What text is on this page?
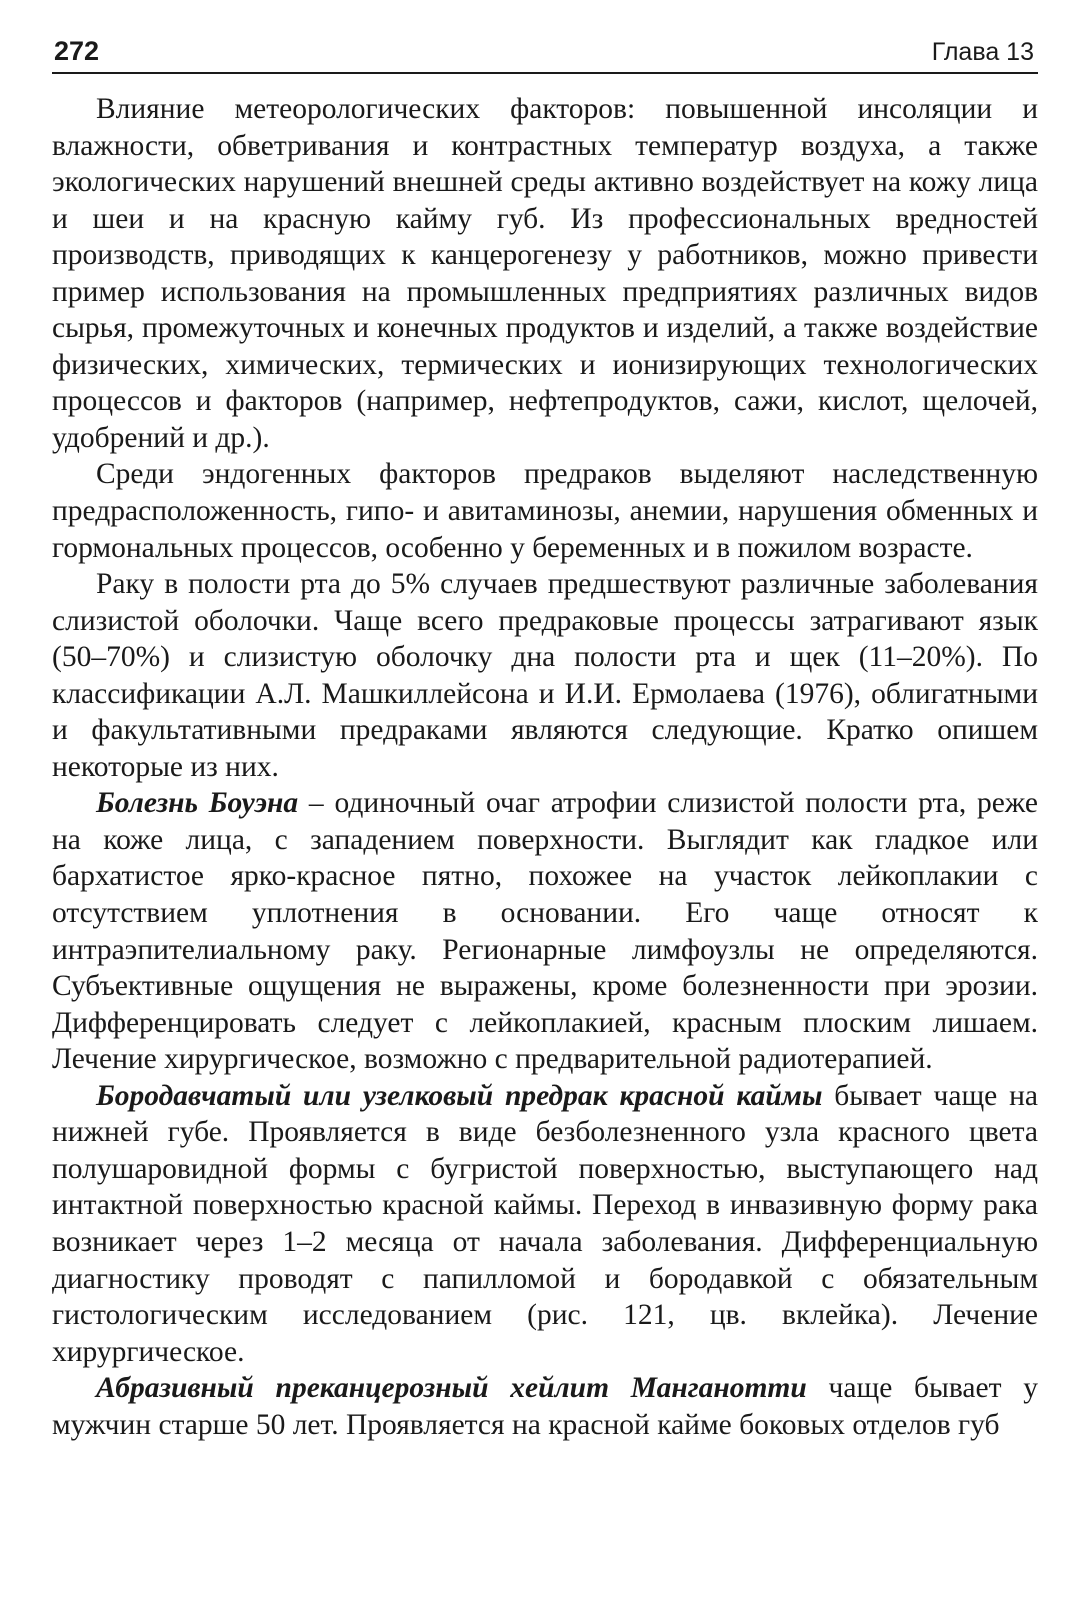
272	Глава 13

Влияние метеорологических факторов: повышенной инсоляции и влажности, обветривания и контрастных температур воздуха, а также экологических нарушений внешней среды активно воздействует на кожу лица и шеи и на красную кайму губ. Из профессиональных вредностей производств, приводящих к канцерогенезу у работников, можно привести пример использования на промышленных предприятиях различных видов сырья, промежуточных и конечных продуктов и изделий, а также воздействие физических, химических, термических и ионизирующих технологических процессов и факторов (например, нефтепродуктов, сажи, кислот, щелочей, удобрений и др.).

Среди эндогенных факторов предраков выделяют наследственную предрасположенность, гипо- и авитаминозы, анемии, нарушения обменных и гормональных процессов, особенно у беременных и в пожилом возрасте.

Раку в полости рта до 5% случаев предшествуют различные заболевания слизистой оболочки. Чаще всего предраковые процессы затрагивают язык (50–70%) и слизистую оболочку дна полости рта и щек (11–20%). По классификации А.Л. Машкиллейсона и И.И. Ермолаева (1976), облигатными и факультативными предраками являются следующие. Кратко опишем некоторые из них.

Болезнь Боуэна – одиночный очаг атрофии слизистой полости рта, реже на коже лица, с западением поверхности. Выглядит как гладкое или бархатистое ярко-красное пятно, похожее на участок лейкоплакии с отсутствием уплотнения в основании. Его чаще относят к интраэпителиальному раку. Регионарные лимфоузлы не определяются. Субъективные ощущения не выражены, кроме болезненности при эрозии. Дифференцировать следует с лейкоплакией, красным плоским лишаем. Лечение хирургическое, возможно с предварительной радиотерапией.

Бородавчатый или узелковый предрак красной каймы бывает чаще на нижней губе. Проявляется в виде безболезненного узла красного цвета полушаровидной формы с бугристой поверхностью, выступающего над интактной поверхностью красной каймы. Переход в инвазивную форму рака возникает через 1–2 месяца от начала заболевания. Дифференциальную диагностику проводят с папилломой и бородавкой с обязательным гистологическим исследованием (рис. 121, цв. вклейка). Лечение хирургическое.

Абразивный преканцерозный хейлит Манганотти чаще бывает у мужчин старше 50 лет. Проявляется на красной кайме боковых отделов губ
